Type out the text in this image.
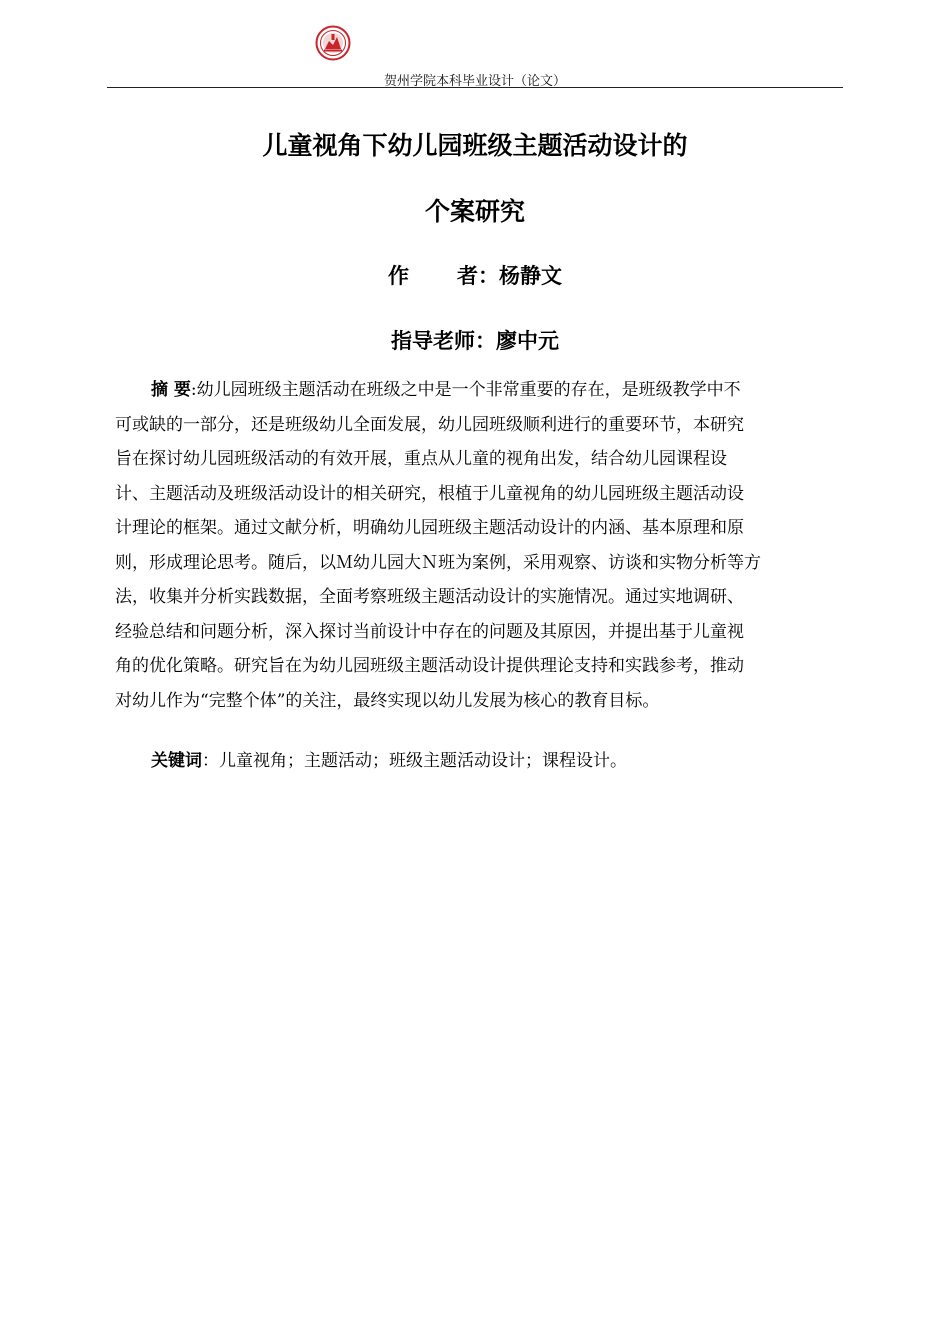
贺州学院本科毕业设计（论文）
儿童视角下幼儿园班级主题活动设计的
个案研究
作 者：杨静文
指导老师：廖中元
摘 要:幼儿园班级主题活动在班级之中是一个非常重要的存在，是班级教学中不
可或缺的一部分，还是班级幼儿全面发展，幼儿园班级顺利进行的重要环节，本研究
旨在探讨幼儿园班级活动的有效开展，重点从儿童的视角出发，结合幼儿园课程设
计、主题活动及班级活动设计的相关研究，根植于儿童视角的幼儿园班级主题活动设
计理论的框架。通过文献分析，明确幼儿园班级主题活动设计的内涵、基本原理和原
则，形成理论思考。随后，以Ｍ幼儿园大Ｎ班为案例，采用观察、访谈和实物分析等方
法，收集并分析实践数据，全面考察班级主题活动设计的实施情况。通过实地调研、
经验总结和问题分析，深入探讨当前设计中存在的问题及其原因，并提出基于儿童视
角的优化策略。研究旨在为幼儿园班级主题活动设计提供理论支持和实践参考，推动
对幼儿作为“完整个体”的关注，最终实现以幼儿发展为核心的教育目标。
关键词：儿童视角；主题活动；班级主题活动设计；课程设计。
